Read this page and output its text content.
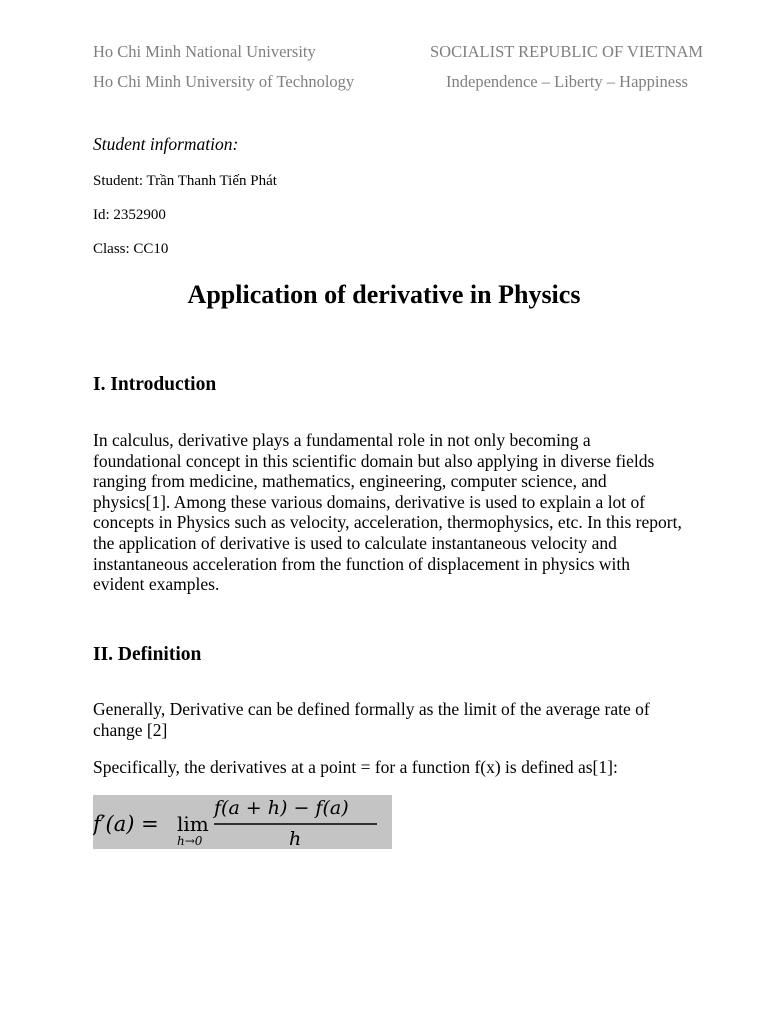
Ho Chi Minh National University
Ho Chi Minh University of Technology
SOCIALIST REPUBLIC OF VIETNAM
Independence – Liberty – Happiness
Student information:
Student: Trần Thanh Tiến Phát
Id: 2352900
Class: CC10
Application of derivative in Physics
I. Introduction
In calculus, derivative plays a fundamental role in not only becoming a foundational concept in this scientific domain but also applying in diverse fields ranging from medicine, mathematics, engineering, computer science, and physics[1]. Among these various domains, derivative is used to explain a lot of concepts in Physics such as velocity, acceleration, thermophysics, etc. In this report, the application of derivative is used to calculate instantaneous velocity and instantaneous acceleration from the function of displacement in physics with evident examples.
II. Definition
Generally, Derivative can be defined formally as the limit of the average rate of change [2]
Specifically, the derivatives at a point = for a function f(x) is defined as[1]:
f′(a) = lim
h→0
f(a + h) − f(a)
h
